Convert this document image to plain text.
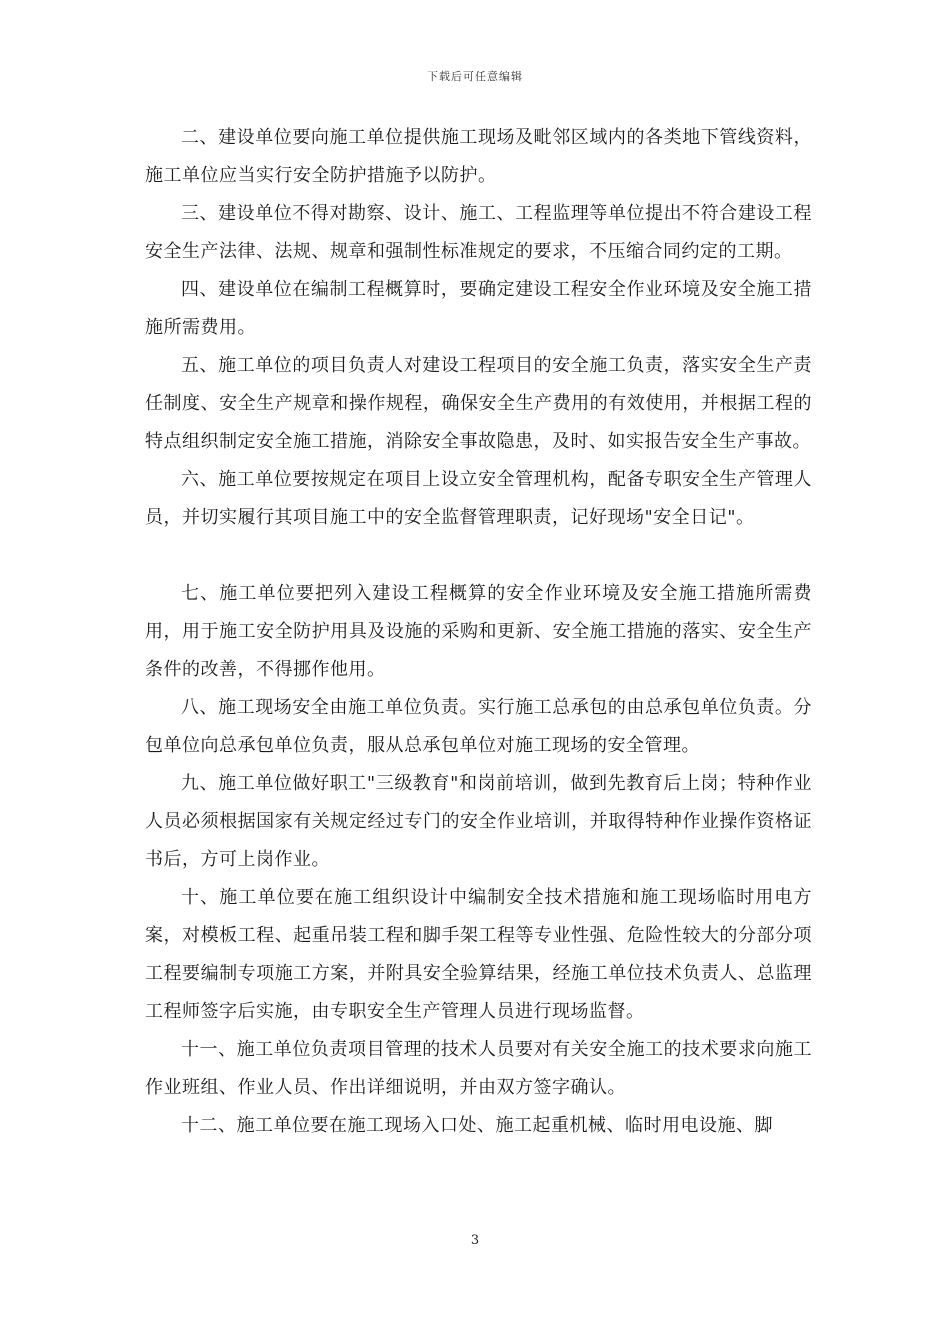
下载后可任意编辑

二、建设单位要向施工单位提供施工现场及毗邻区域内的各类地下管线资料，施工单位应当实行安全防护措施予以防护。

三、建设单位不得对勘察、设计、施工、工程监理等单位提出不符合建设工程安全生产法律、法规、规章和强制性标准规定的要求，不压缩合同约定的工期。

四、建设单位在编制工程概算时，要确定建设工程安全作业环境及安全施工措施所需费用。

五、施工单位的项目负责人对建设工程项目的安全施工负责，落实安全生产责任制度、安全生产规章和操作规程，确保安全生产费用的有效使用，并根据工程的特点组织制定安全施工措施，消除安全事故隐患，及时、如实报告安全生产事故。

六、施工单位要按规定在项目上设立安全管理机构，配备专职安全生产管理人员，并切实履行其项目施工中的安全监督管理职责，记好现场"安全日记"。

七、施工单位要把列入建设工程概算的安全作业环境及安全施工措施所需费用，用于施工安全防护用具及设施的采购和更新、安全施工措施的落实、安全生产条件的改善，不得挪作他用。

八、施工现场安全由施工单位负责。实行施工总承包的由总承包单位负责。分包单位向总承包单位负责，服从总承包单位对施工现场的安全管理。

九、施工单位做好职工"三级教育"和岗前培训，做到先教育后上岗；特种作业人员必须根据国家有关规定经过专门的安全作业培训，并取得特种作业操作资格证书后，方可上岗作业。

十、施工单位要在施工组织设计中编制安全技术措施和施工现场临时用电方案，对模板工程、起重吊装工程和脚手架工程等专业性强、危险性较大的分部分项工程要编制专项施工方案，并附具安全验算结果，经施工单位技术负责人、总监理工程师签字后实施，由专职安全生产管理人员进行现场监督。

十一、施工单位负责项目管理的技术人员要对有关安全施工的技术要求向施工作业班组、作业人员、作出详细说明，并由双方签字确认。

十二、施工单位要在施工现场入口处、施工起重机械、临时用电设施、脚

3
